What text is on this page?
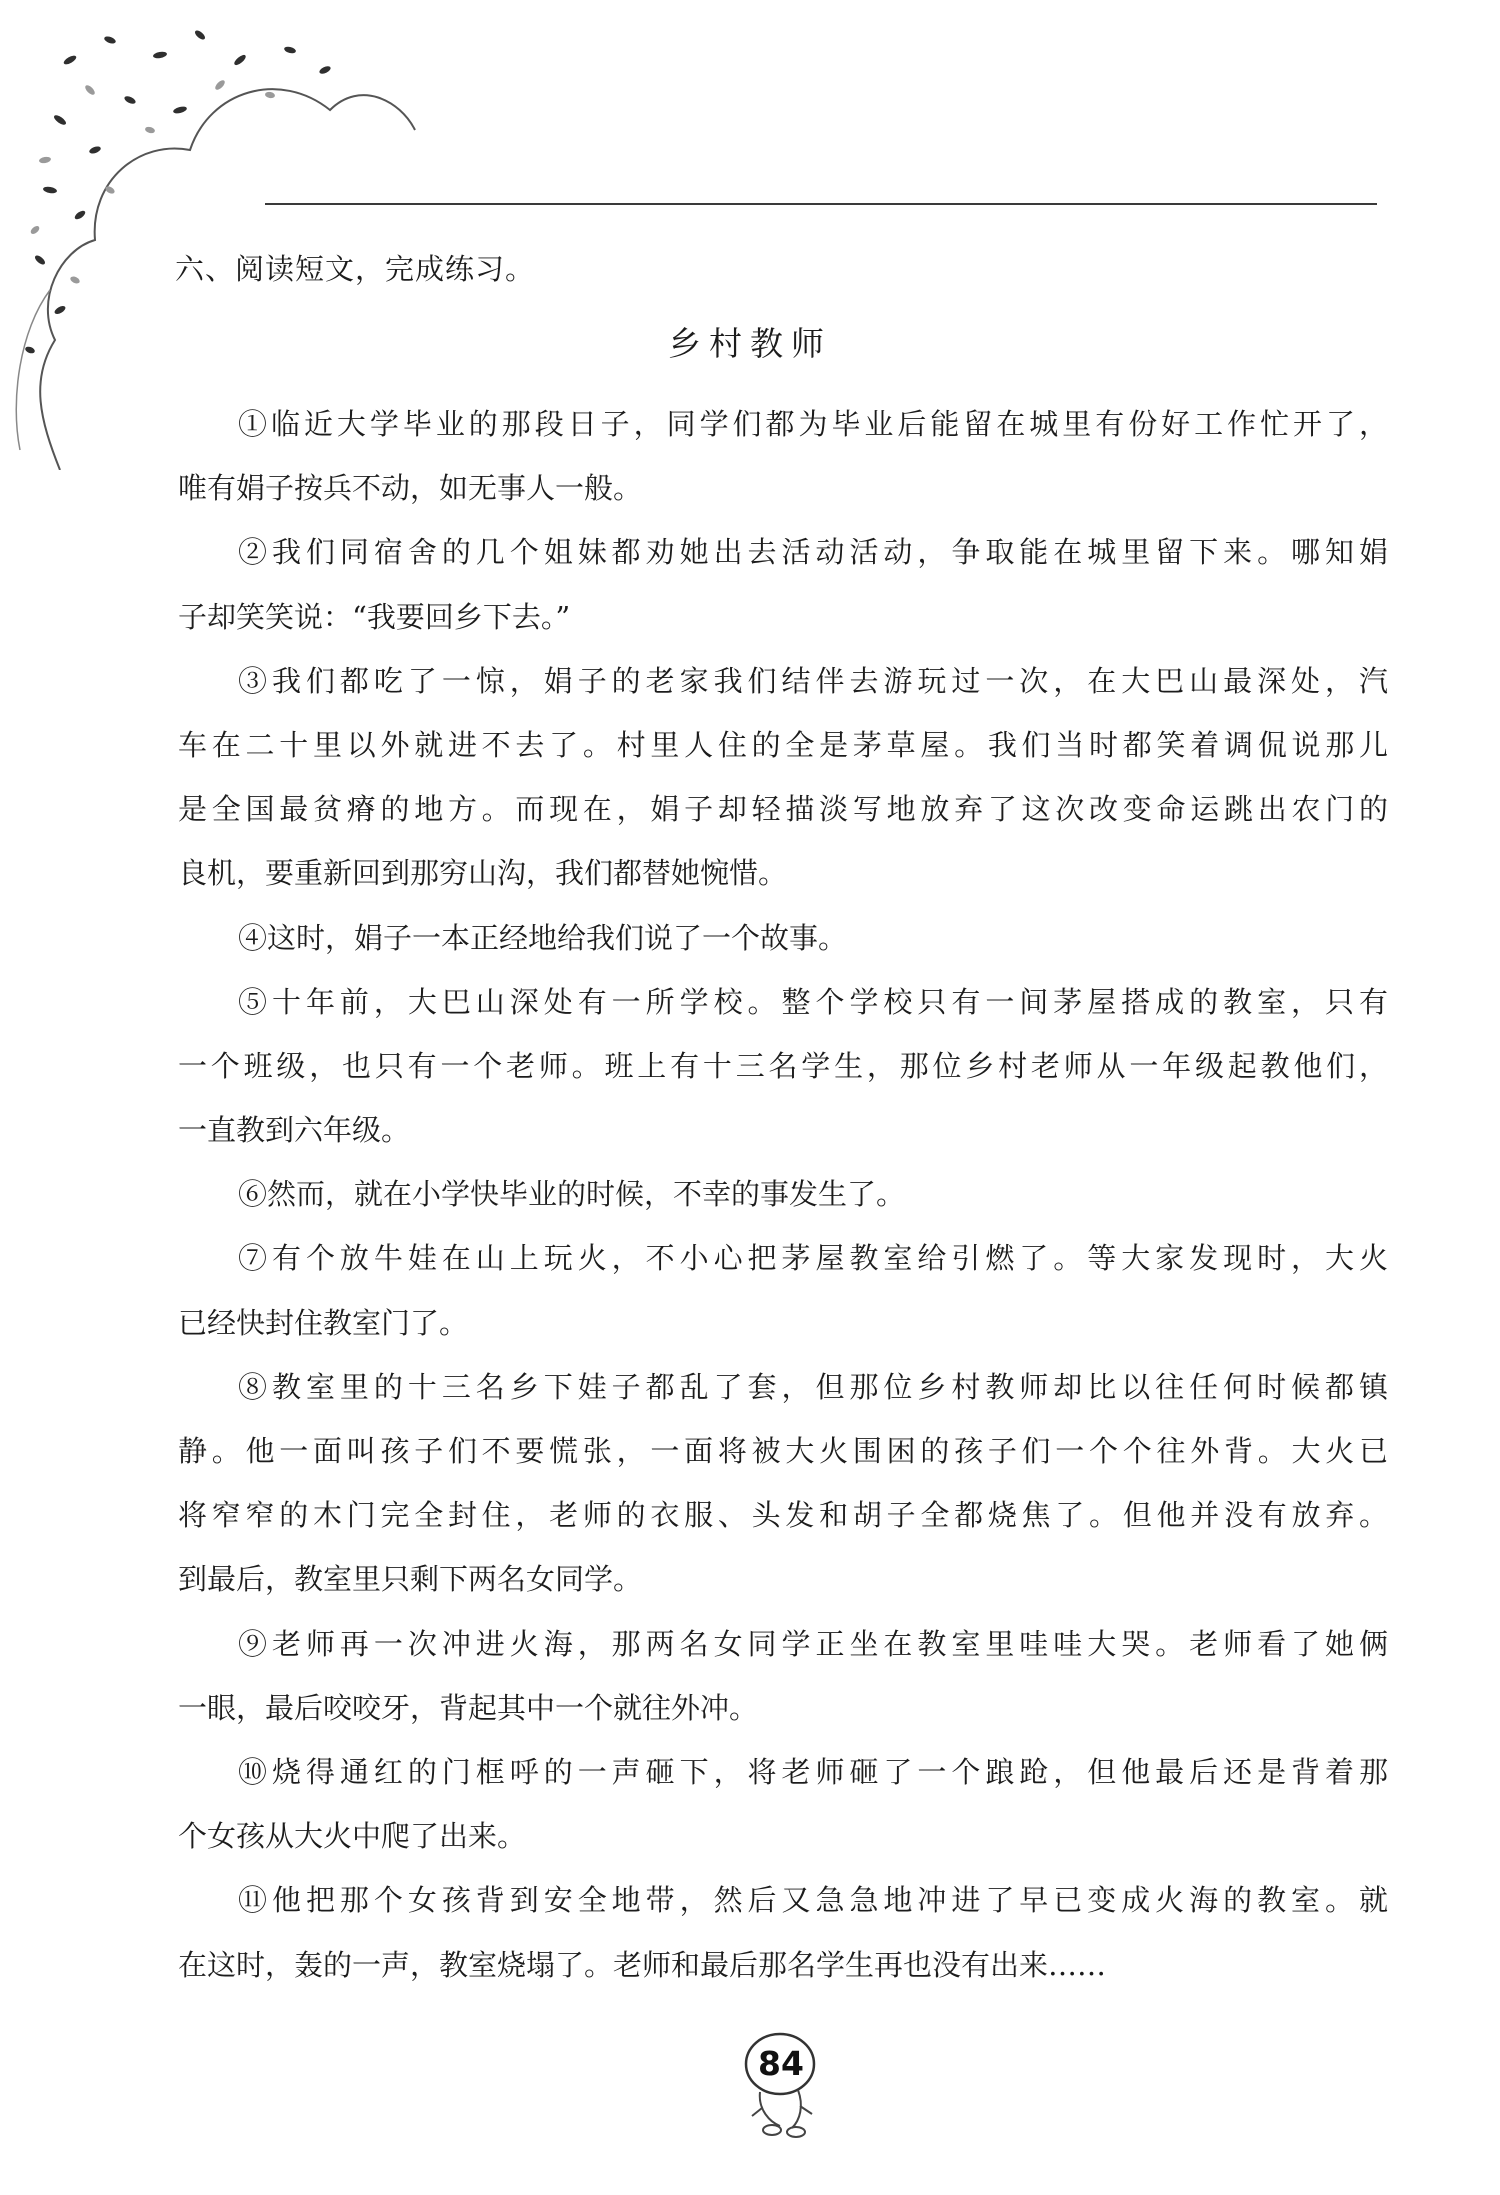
六、阅读短文，完成练习。
乡村教师
①临近大学毕业的那段日子，同学们都为毕业后能留在城里有份好工作忙开了，
唯有娟子按兵不动，如无事人一般。
②我们同宿舍的几个姐妹都劝她出去活动活动，争取能在城里留下来。哪知娟
子却笑笑说：“我要回乡下去。”
③我们都吃了一惊，娟子的老家我们结伴去游玩过一次，在大巴山最深处，汽
车在二十里以外就进不去了。村里人住的全是茅草屋。我们当时都笑着调侃说那儿
是全国最贫瘠的地方。而现在，娟子却轻描淡写地放弃了这次改变命运跳出农门的
良机，要重新回到那穷山沟，我们都替她惋惜。
④这时，娟子一本正经地给我们说了一个故事。
⑤十年前，大巴山深处有一所学校。整个学校只有一间茅屋搭成的教室，只有
一个班级，也只有一个老师。班上有十三名学生，那位乡村老师从一年级起教他们，
一直教到六年级。
⑥然而，就在小学快毕业的时候，不幸的事发生了。
⑦有个放牛娃在山上玩火，不小心把茅屋教室给引燃了。等大家发现时，大火
已经快封住教室门了。
⑧教室里的十三名乡下娃子都乱了套，但那位乡村教师却比以往任何时候都镇
静。他一面叫孩子们不要慌张，一面将被大火围困的孩子们一个个往外背。大火已
将窄窄的木门完全封住，老师的衣服、头发和胡子全都烧焦了。但他并没有放弃。
到最后，教室里只剩下两名女同学。
⑨老师再一次冲进火海，那两名女同学正坐在教室里哇哇大哭。老师看了她俩
一眼，最后咬咬牙，背起其中一个就往外冲。
⑩烧得通红的门框呼的一声砸下，将老师砸了一个踉跄，但他最后还是背着那
个女孩从大火中爬了出来。
⑪他把那个女孩背到安全地带，然后又急急地冲进了早已变成火海的教室。就
在这时，轰的一声，教室烧塌了。老师和最后那名学生再也没有出来……
84
